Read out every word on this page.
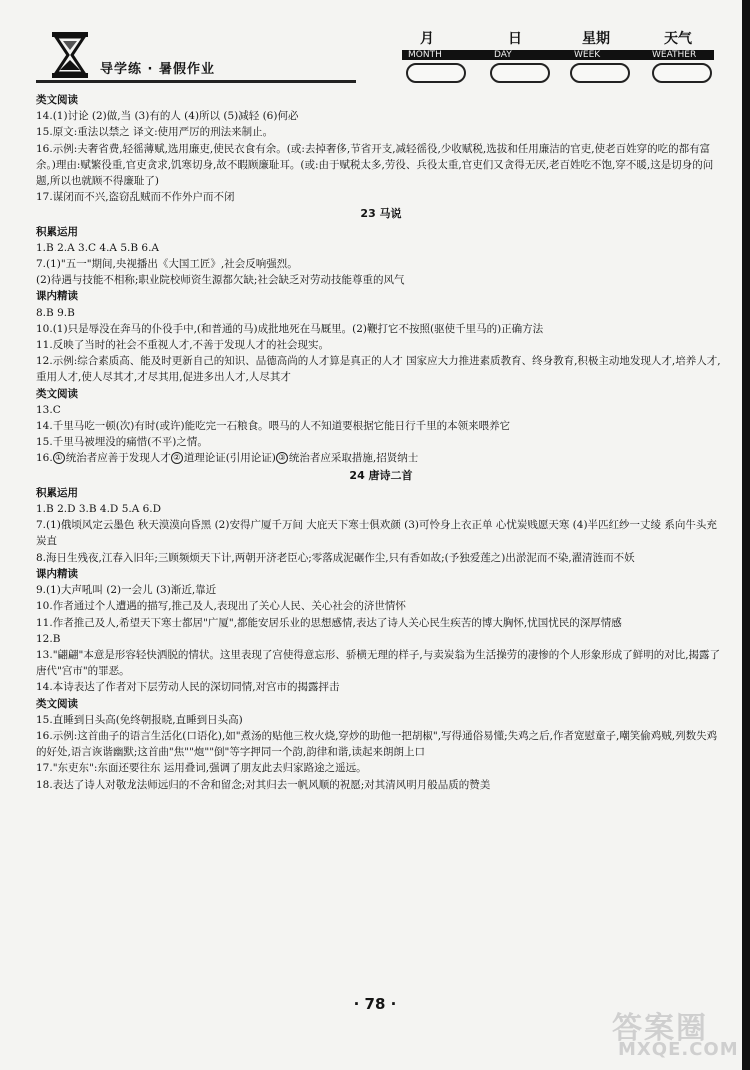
导学练 · 暑假作业
月	日	星期	天气
MONTH	DAY	WEEK	WEATHER
类文阅读
14.(1)讨论 (2)做,当 (3)有的人 (4)所以 (5)减轻 (6)何必
15.原文:重法以禁之 译文:使用严厉的刑法来制止。
16.示例:夫奢省费,轻徭薄赋,选用廉吏,使民衣食有余。(或:去掉奢侈,节省开支,减轻徭役,少收赋税,选拔和任用廉洁的官吏,使老百姓穿的吃的都有富余。)理由:赋繁役重,官吏贪求,饥寒切身,故不暇顾廉耻耳。(或:由于赋税太多,劳役、兵役太重,官吏们又贪得无厌,老百姓吃不饱,穿不暖,这是切身的问题,所以也就顾不得廉耻了)
17.谋闭而不兴,盗窃乱贼而不作外户而不闭
23 马说
积累运用
1.B 2.A 3.C 4.A 5.B 6.A
7.(1)"五一"期间,央视播出《大国工匠》,社会反响强烈。
(2)待遇与技能不相称;职业院校师资生源都欠缺;社会缺乏对劳动技能尊重的风气
课内精读
8.B 9.B
10.(1)只是辱没在奔马的仆役手中,(和普通的马)成批地死在马厩里。(2)鞭打它不按照(驱使千里马的)正确方法
11.反映了当时的社会不重视人才,不善于发现人才的社会现实。
12.示例:综合素质高、能及时更新自己的知识、品德高尚的人才算是真正的人才 国家应大力推进素质教育、终身教育,积极主动地发现人才,培养人才,重用人才,使人尽其才,才尽其用,促进多出人才,人尽其才
类文阅读
13.C
14.千里马吃一顿(次)有时(或许)能吃完一石粮食。喂马的人不知道要根据它能日行千里的本领来喂养它
15.千里马被埋没的痛惜(不平)之情。
16. ① 统治者应善于发现人才 ② 道理论证(引用论证) ③ 统治者应采取措施,招贤纳士
24 唐诗二首
积累运用
1.B 2.D 3.B 4.D 5.A 6.D
7.(1)俄顷风定云墨色 秋天漠漠向昏黑 (2)安得广厦千万间 大庇天下寒士俱欢颜 (3)可怜身上衣正单 心忧炭贱愿天寒 (4)半匹红纱一丈绫 系向牛头充炭直
8.海日生残夜,江春入旧年;三顾频烦天下计,两朝开济老臣心;零落成泥碾作尘,只有香如故;(予独爱莲之)出淤泥而不染,濯清涟而不妖
课内精读
9.(1)大声吼叫 (2)一会儿 (3)渐近,靠近
10.作者通过个人遭遇的描写,推己及人,表现出了关心人民、关心社会的济世情怀
11.作者推己及人,希望天下寒士都居"广厦",都能安居乐业的思想感情,表达了诗人关心民生疾苦的博大胸怀,忧国忧民的深厚情感
12.B
13."翩翩"本意是形容轻快洒脱的情状。这里表现了宫使得意忘形、骄横无理的样子,与卖炭翁为生活操劳的凄惨的个人形象形成了鲜明的对比,揭露了唐代"宫市"的罪恶。
14.本诗表达了作者对下层劳动人民的深切同情,对宫市的揭露抨击
类文阅读
15.直睡到日头高(免终朝报晓,直睡到日头高)
16.示例:这首曲子的语言生活化(口语化),如"煮汤的贴他三枚火烧,穿炒的助他一把胡椒",写得通俗易懂;失鸡之后,作者宽慰童子,嘲笑偷鸡贼,列数失鸡的好处,语言诙谐幽默;这首曲"焦""炮""倒"等字押同一个韵,韵律和谐,读起来朗朗上口
17."东吏东":东面还要往东 运用叠词,强调了朋友此去归家路途之遥远。
18.表达了诗人对敬龙法师远归的不舍和留念;对其归去一帆风顺的祝愿;对其清风明月般品质的赞美
· 78 ·
答案圈
MXQE.COM
